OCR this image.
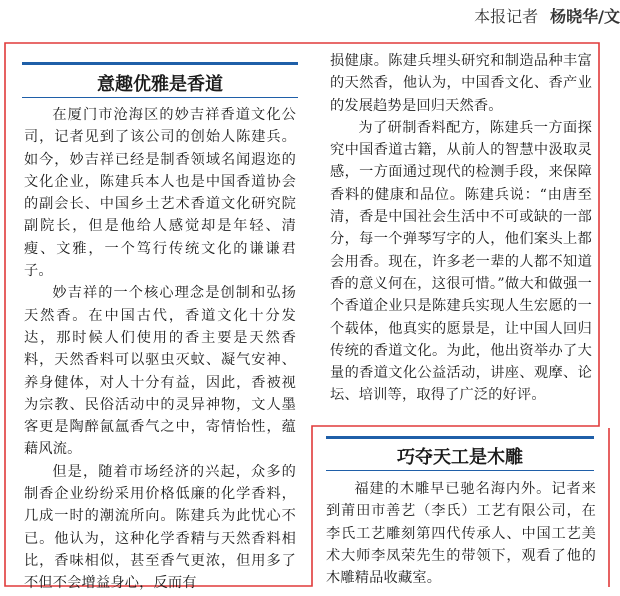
本报记者 杨晓华/文
意趣优雅是香道

在厦门市沧海区的妙吉祥香道文化公司，记者见到了该公司的创始人陈建兵。如今，妙吉祥已经是制香领域名闻遐迩的文化企业，陈建兵本人也是中国香道协会的副会长、中国乡土艺术香道文化研究院副院长，但是他给人感觉却是年轻、清瘦、文雅，一个笃行传统文化的谦谦君子。

妙吉祥的一个核心理念是创制和弘扬天然香。在中国古代，香道文化十分发达，那时候人们使用的香主要是天然香料，天然香料可以驱虫灭蚊、凝气安神、养身健体，对人十分有益，因此，香被视为宗教、民俗活动中的灵异神物，文人墨客更是陶醉氤氲香气之中，寄情怡性，蕴藉风流。

但是，随着市场经济的兴起，众多的制香企业纷纷采用价格低廉的化学香料，几成一时的潮流所向。陈建兵为此忧心不已。他认为，这种化学香精与天然香料相比，香味相似，甚至香气更浓，但用多了不但不会增益身心，反而有

损健康。陈建兵埋头研究和制造品种丰富的天然香，他认为，中国香文化、香产业的发展趋势是回归天然香。

为了研制香料配方，陈建兵一方面探究中国香道古籍，从前人的智慧中汲取灵感，一方面通过现代的检测手段，来保障香料的健康和品位。陈建兵说：“由唐至清，香是中国社会生活中不可或缺的一部分，每一个弹琴写字的人，他们案头上都会用香。现在，许多老一辈的人都不知道香的意义何在，这很可惜。”做大和做强一个香道企业只是陈建兵实现人生宏愿的一个载体，他真实的愿景是，让中国人回归传统的香道文化。为此，他出资举办了大量的香道文化公益活动，讲座、观摩、论坛、培训等，取得了广泛的好评。

巧夺天工是木雕

福建的木雕早已驰名海内外。记者来到莆田市善艺（李氏）工艺有限公司，在李氏工艺雕刻第四代传承人、中国工艺美术大师李凤荣先生的带领下，观看了他的木雕精品收藏室。
